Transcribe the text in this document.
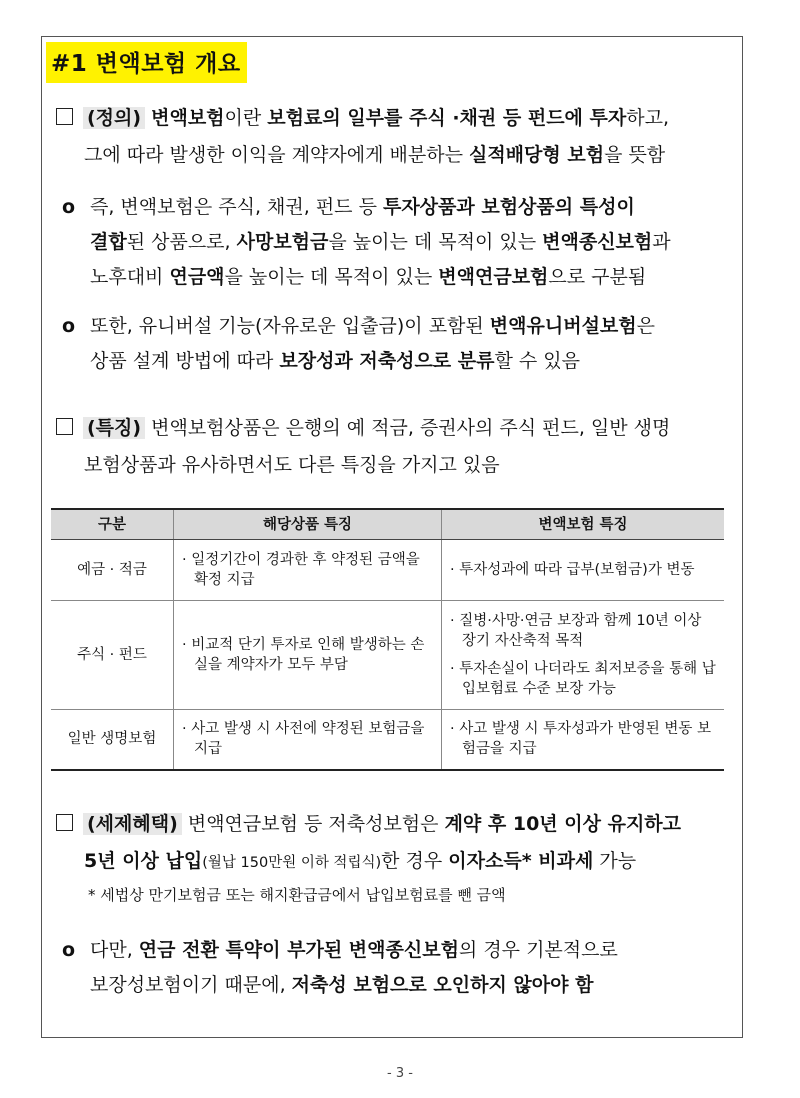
#1 변액보험 개요
(정의) 변액보험이란 보험료의 일부를 주식 ·채권 등 펀드에 투자하고,
그에 따라 발생한 이익을 계약자에게 배분하는 실적배당형 보험을 뜻함
o 즉, 변액보험은 주식, 채권, 펀드 등 투자상품과 보험상품의 특성이
결합된 상품으로, 사망보험금을 높이는 데 목적이 있는 변액종신보험과
노후대비 연금액을 높이는 데 목적이 있는 변액연금보험으로 구분됨
o 또한, 유니버설 기능(자유로운 입출금)이 포함된 변액유니버설보험은
상품 설계 방법에 따라 보장성과 저축성으로 분류할 수 있음
(특징) 변액보험상품은 은행의 예 적금, 증권사의 주식 펀드, 일반 생명
보험상품과 유사하면서도 다른 특징을 가지고 있음
구분	해당상품 특징	변액보험 특징
예금 · 적금	· 일정기간이 경과한 후 약정된 금액을 확정 지급	· 투자성과에 따라 급부(보험금)가 변동

주식 · 펀드	· 비교적 단기 투자로 인해 발생하는 손실을 계약자가 모두 부담	· 질병·사망·연금 보장과 함께 10년 이상 장기 자산축적 목적
· 투자손실이 나더라도 최저보증을 통해 납입보험료 수준 보장 가능

일반 생명보험	· 사고 발생 시 사전에 약정된 보험금을 지급	· 사고 발생 시 투자성과가 반영된 변동 보험금을 지급
(세제혜택) 변액연금보험 등 저축성보험은 계약 후 10년 이상 유지하고
5년 이상 납입(월납 150만원 이하 적립식)한 경우 이자소득* 비과세 가능
* 세법상 만기보험금 또는 해지환급금에서 납입보험료를 뺀 금액
o 다만, 연금 전환 특약이 부가된 변액종신보험의 경우 기본적으로
보장성보험이기 때문에, 저축성 보험으로 오인하지 않아야 함
- 3 -
